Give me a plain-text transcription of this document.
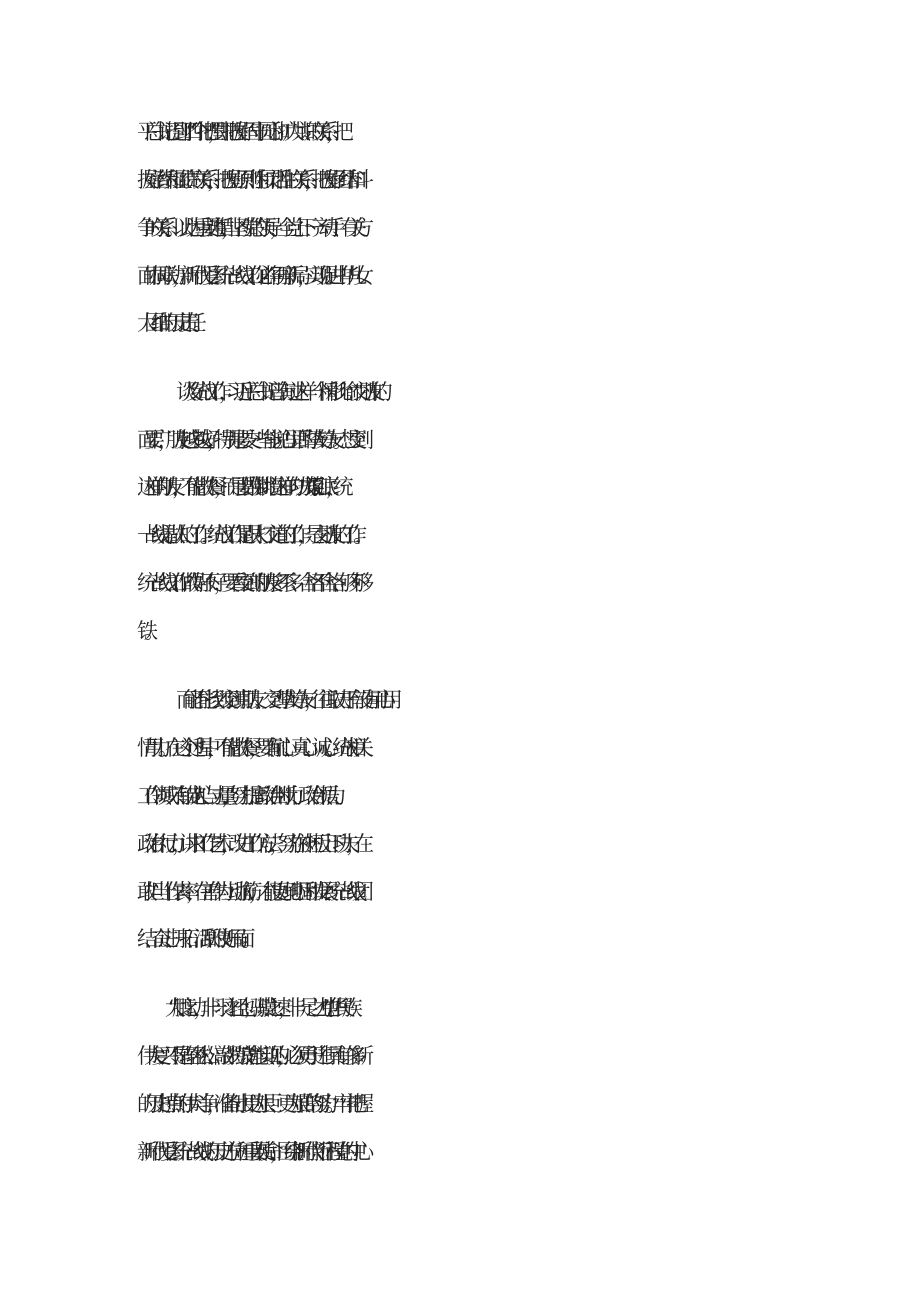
平总书记提到了“四个把握”，即把握好固守圆心和扩大共识的关系，把

握好潜绩和显绩的关系，把握好原则性和灵活性的关系，把握好团结和斗

争的关系。以此为重要遵循，坚持党的领导，全党上下一齐动手、有关方

面协同联动，新时代爱国统一战线工作必将再开新局，实现促进中华儿女

大团结的历史责任。

谈及统战工作，习近平总书记曾有过这样一个精彩比喻：“交朋友的

面要广，朋友越多越好，特别是要交一些能说心里话的挚友铮友。想交到

这样的朋友，不能做快餐，而是要做佛跳墙这样的功夫菜。”说到底，统

一战线是做人的工作。统战工作是跟人打交道的工作，是交朋友的工作。

统一战线工作做得好不好，要看交到的朋友多不多、合格不合格、够不够

铁。

而能不能找到交到真朋友、交到挚友诤友，往往取决于有没有用心用

情用力。在这个过程中，不能做快餐，要有耐心、真心、诚心。统战相关

工作领域只有锚定“人心与力量”，努力提高政治判断力、政治领悟力、

政治执行力，讲求工作艺术，改进工作方法，努力在补短板上下功夫，在

敢担当上作表率，在善作为上动脑筋，才能更好地巩固和发展统一战线团

结、奋进、开拓、活跃的良好局面。

“大鹏之动，非一羽之轻也；骐骥之速，非一足之力也。”中华民族

伟大复兴不是轻轻松松、敲锣打鼓就能实现的，必须勇于进行具有许多新

的历史特点的伟大斗争，准备付出更为艰巨、更为艰苦的努力。牢牢把握

新时代爱国统一战线的历史方位和重要使命，围绕新时代新征程党的中心
